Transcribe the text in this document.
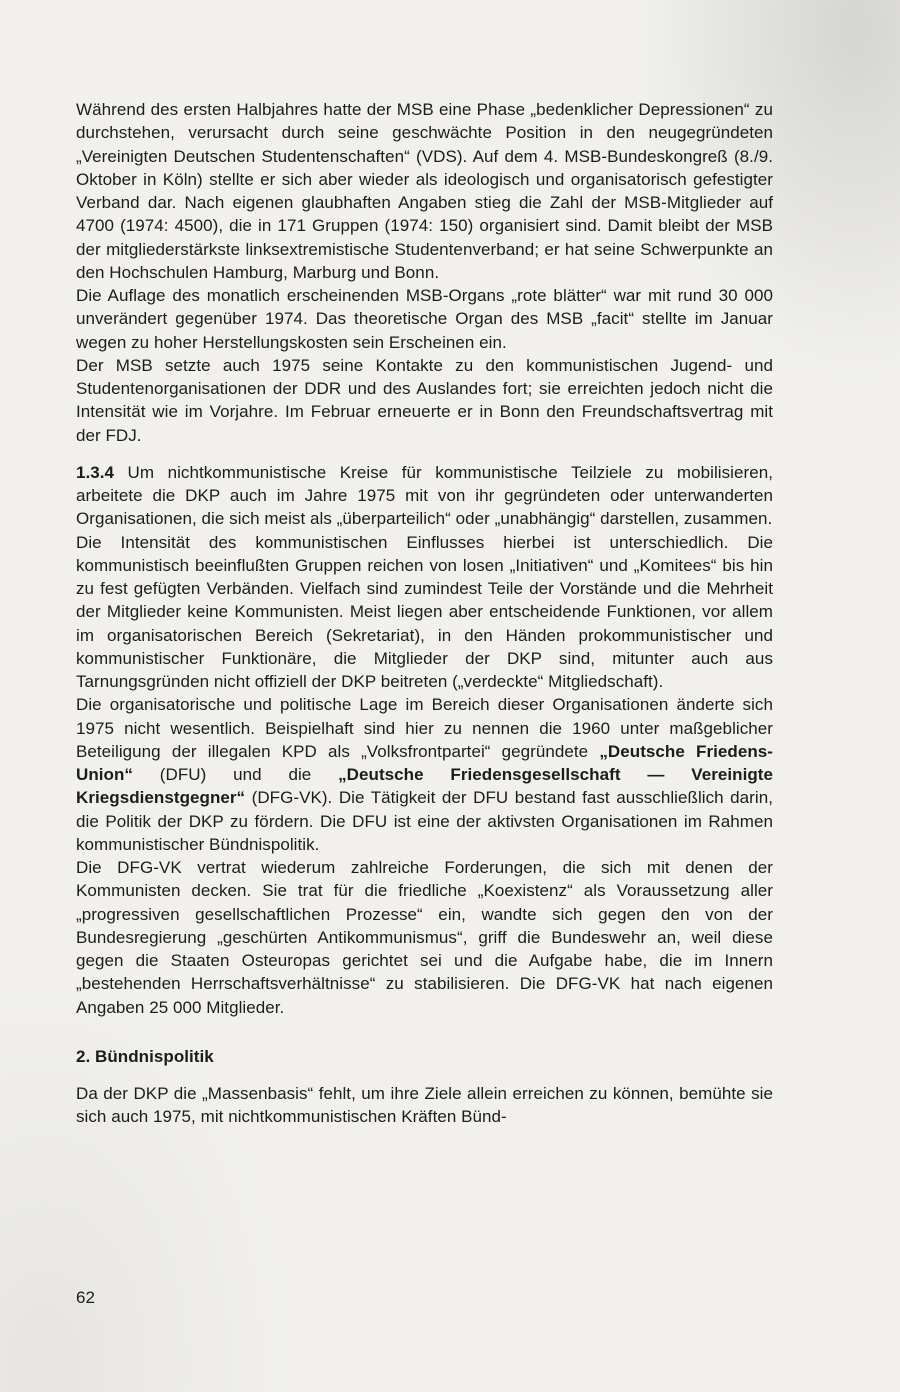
Während des ersten Halbjahres hatte der MSB eine Phase „bedenklicher Depressionen“ zu durchstehen, verursacht durch seine geschwächte Position in den neugegründeten „Vereinigten Deutschen Studentenschaften“ (VDS). Auf dem 4. MSB-Bundeskongreß (8./9. Oktober in Köln) stellte er sich aber wieder als ideologisch und organisatorisch gefestigter Verband dar. Nach eigenen glaubhaften Angaben stieg die Zahl der MSB-Mitglieder auf 4700 (1974: 4500), die in 171 Gruppen (1974: 150) organisiert sind. Damit bleibt der MSB der mitgliederstärkste linksextremistische Studentenverband; er hat seine Schwerpunkte an den Hochschulen Hamburg, Marburg und Bonn.

Die Auflage des monatlich erscheinenden MSB-Organs „rote blätter“ war mit rund 30 000 unverändert gegenüber 1974. Das theoretische Organ des MSB „facit“ stellte im Januar wegen zu hoher Herstellungskosten sein Erscheinen ein.

Der MSB setzte auch 1975 seine Kontakte zu den kommunistischen Jugend- und Studentenorganisationen der DDR und des Auslandes fort; sie erreichten jedoch nicht die Intensität wie im Vorjahre. Im Februar erneuerte er in Bonn den Freundschaftsvertrag mit der FDJ.

1.3.4 Um nichtkommunistische Kreise für kommunistische Teilziele zu mobilisieren, arbeitete die DKP auch im Jahre 1975 mit von ihr gegründeten oder unterwanderten Organisationen, die sich meist als „überparteilich“ oder „unabhängig“ darstellen, zusammen.

Die Intensität des kommunistischen Einflusses hierbei ist unterschiedlich. Die kommunistisch beeinflußten Gruppen reichen von losen „Initiativen“ und „Komitees“ bis hin zu fest gefügten Verbänden. Vielfach sind zumindest Teile der Vorstände und die Mehrheit der Mitglieder keine Kommunisten. Meist liegen aber entscheidende Funktionen, vor allem im organisatorischen Bereich (Sekretariat), in den Händen prokommunistischer und kommunistischer Funktionäre, die Mitglieder der DKP sind, mitunter auch aus Tarnungsgründen nicht offiziell der DKP beitreten („verdeckte“ Mitgliedschaft).

Die organisatorische und politische Lage im Bereich dieser Organisationen änderte sich 1975 nicht wesentlich. Beispielhaft sind hier zu nennen die 1960 unter maßgeblicher Beteiligung der illegalen KPD als „Volksfrontpartei“ gegründete „Deutsche Friedens-Union“ (DFU) und die „Deutsche Friedensgesellschaft — Vereinigte Kriegsdienstgegner“ (DFG-VK). Die Tätigkeit der DFU bestand fast ausschließlich darin, die Politik der DKP zu fördern. Die DFU ist eine der aktivsten Organisationen im Rahmen kommunistischer Bündnispolitik.

Die DFG-VK vertrat wiederum zahlreiche Forderungen, die sich mit denen der Kommunisten decken. Sie trat für die friedliche „Koexistenz“ als Voraussetzung aller „progressiven gesellschaftlichen Prozesse“ ein, wandte sich gegen den von der Bundesregierung „geschürten Antikommunismus“, griff die Bundeswehr an, weil diese gegen die Staaten Osteuropas gerichtet sei und die Aufgabe habe, die im Innern „bestehenden Herrschaftsverhältnisse“ zu stabilisieren. Die DFG-VK hat nach eigenen Angaben 25 000 Mitglieder.

2. Bündnispolitik

Da der DKP die „Massenbasis“ fehlt, um ihre Ziele allein erreichen zu können, bemühte sie sich auch 1975, mit nichtkommunistischen Kräften Bünd-

62
